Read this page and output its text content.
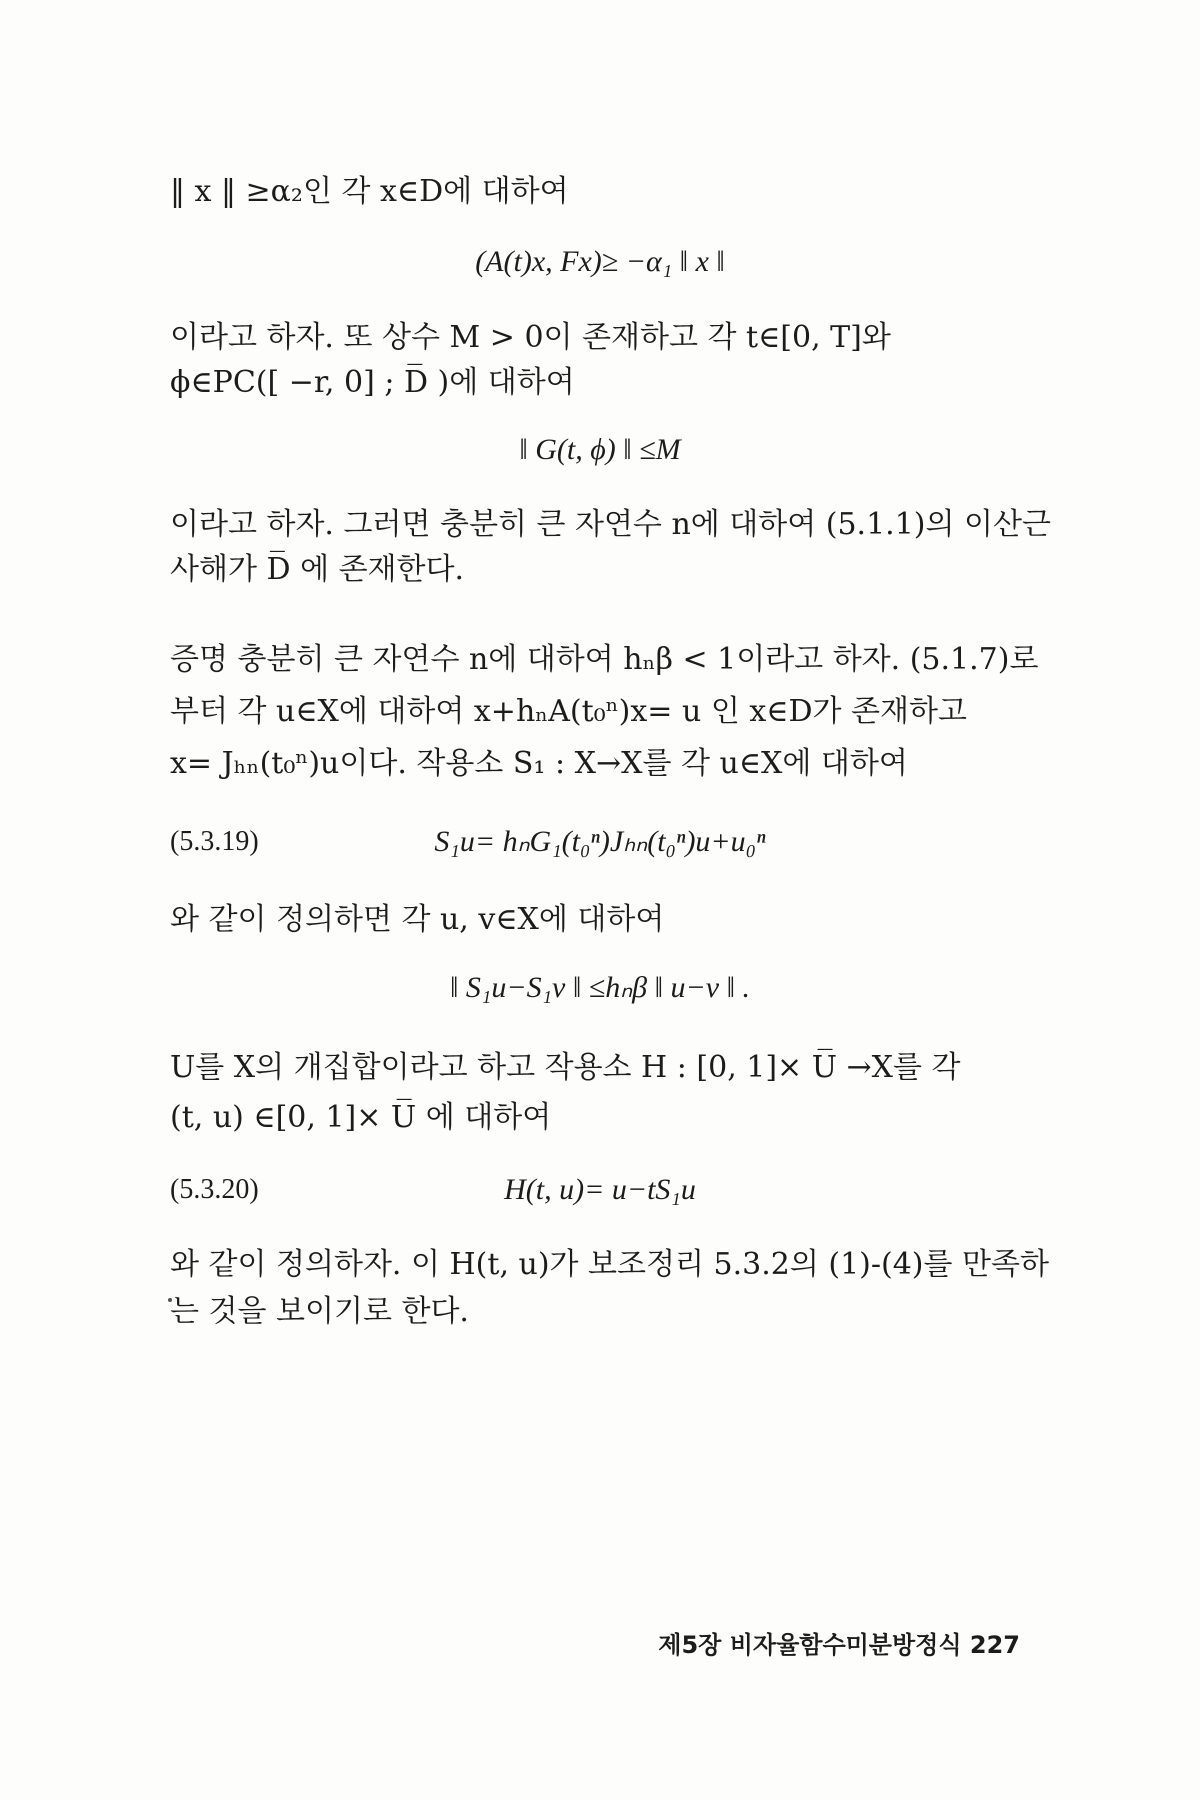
‖ x ‖ ≥α₂인 각 x∈D에 대하여
(A(t)x, Fx)≥ −α₁ ‖ x ‖
이라고 하자. 또 상수 M > 0이 존재하고 각 t∈[0, T]와
ϕ∈PC([ −r, 0] ; D̅ )에 대하여
‖ G(t, ϕ) ‖ ≤M
이라고 하자. 그러면 충분히 큰 자연수 n에 대하여 (5.1.1)의 이산근
사해가 D̅ 에 존재한다.
증명 충분히 큰 자연수 n에 대하여 hₙβ < 1이라고 하자. (5.1.7)로
부터 각 u∈X에 대하여 x+hₙA(t₀ⁿ)x= u 인 x∈D가 존재하고
x= Jₕₙ(t₀ⁿ)u이다. 작용소 S₁ : X→X를 각 u∈X에 대하여
(5.3.19)	S₁u= hₙG₁(t₀ⁿ)Jₕₙ(t₀ⁿ)u+u₀ⁿ
와 같이 정의하면 각 u, v∈X에 대하여
‖ S₁u−S₁v ‖ ≤hₙβ ‖ u−v ‖ .
U를 X의 개집합이라고 하고 작용소 H : [0, 1]× U̅ →X를 각
(t, u) ∈[0, 1]× U̅ 에 대하여
(5.3.20)	H(t, u)= u−tS₁u
와 같이 정의하자. 이 H(t, u)가 보조정리 5.3.2의 (1)-(4)를 만족하
는 것을 보이기로 한다.
제5장 비자율함수미분방정식 227
